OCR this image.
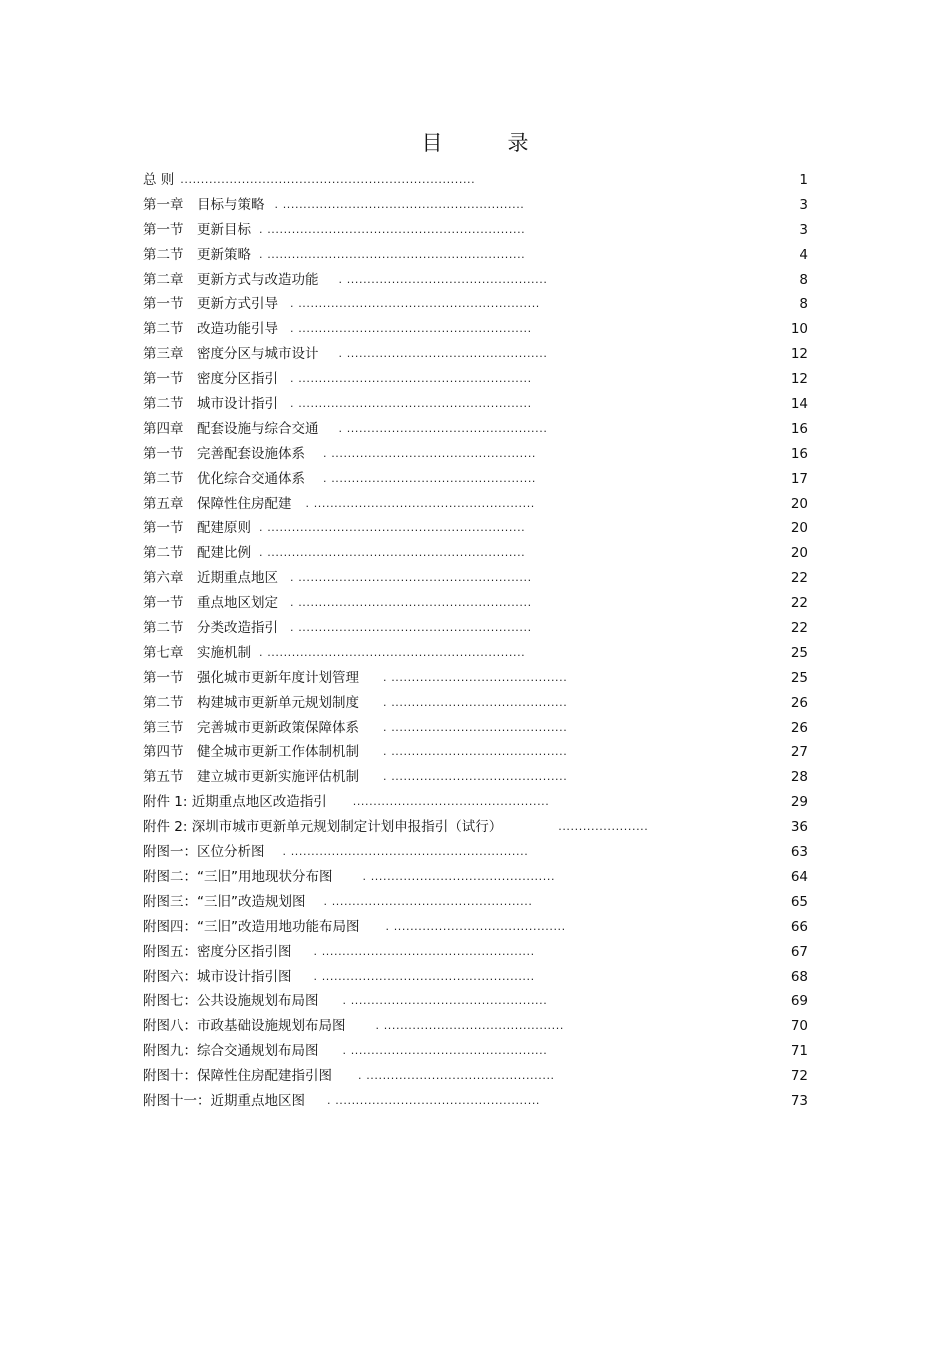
目　录
总 则 ........................................................................	1
第一章　目标与策略 . ...........................................................	3
第一节　更新目标 . ...............................................................	3
第二节　更新策略 . ...............................................................	4
第二章　更新方式与改造功能 . .................................................	8
第一节　更新方式引导 . ...........................................................	8
第二节　改造功能引导 . .........................................................	10
第三章　密度分区与城市设计 . .................................................	12
第一节　密度分区指引 . .........................................................	12
第二节　城市设计指引 . .........................................................	14
第四章　配套设施与综合交通 . .................................................	16
第一节　完善配套设施体系 . ..................................................	16
第二节　优化综合交通体系 . ..................................................	17
第五章　保障性住房配建 . ......................................................	20
第一节　配建原则 . ...............................................................	20
第二节　配建比例 . ...............................................................	20
第六章　近期重点地区 . .........................................................	22
第一节　重点地区划定 . .........................................................	22
第二节　分类改造指引 . .........................................................	22
第七章　实施机制 . ...............................................................	25
第一节　强化城市更新年度计划管理 . ...........................................	25
第二节　构建城市更新单元规划制度 . ...........................................	26
第三节　完善城市更新政策保障体系 . ...........................................	26
第四节　健全城市更新工作体制机制 . ...........................................	27
第五节　建立城市更新实施评估机制 . ...........................................	28
附件 1: 近期重点地区改造指引 ................................................	29
附件 2: 深圳市城市更新单元规划制定计划申报指引（试行）	......................	36
附图一：区位分析图 . ..........................................................	63
附图二：“三旧”用地现状分布图	. .............................................	64
附图三：“三旧”改造规划图 . .................................................	65
附图四：“三旧”改造用地功能布局图 . ..........................................	66
附图五：密度分区指引图 . ....................................................	67
附图六：城市设计指引图 . ....................................................	68
附图七：公共设施规划布局图 . ................................................	69
附图八：市政基础设施规划布局图	. ............................................	70
附图九：综合交通规划布局图 . ................................................	71
附图十：保障性住房配建指引图 . ..............................................	72
附图十一：近期重点地区图 . ..................................................	73
